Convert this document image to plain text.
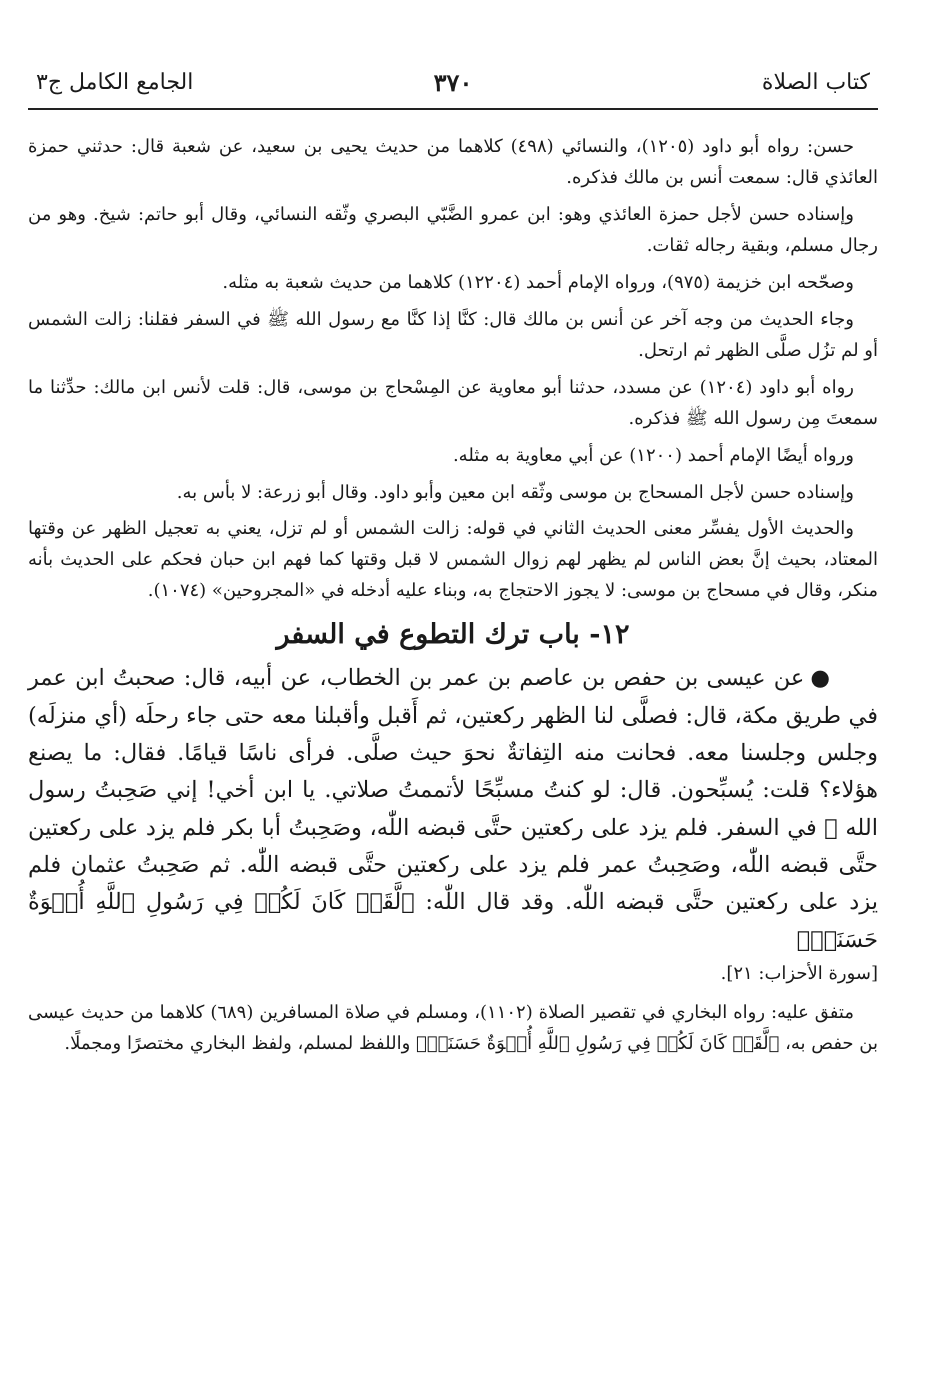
كتاب الصلاة
٣٧٠
الجامع الكامل ج٣

حسن: رواه أبو داود (١٢٠٥)، والنسائي (٤٩٨) كلاهما من حديث يحيى بن سعيد، عن شعبة قال: حدثني حمزة العائذي قال: سمعت أنس بن مالك فذكره.

وإسناده حسن لأجل حمزة العائذي وهو: ابن عمرو الضَّبّي البصري وثّقه النسائي، وقال أبو حاتم: شيخ. وهو من رجال مسلم، وبقية رجاله ثقات.

وصحّحه ابن خزيمة (٩٧٥)، ورواه الإمام أحمد (١٢٢٠٤) كلاهما من حديث شعبة به مثله.

وجاء الحديث من وجه آخر عن أنس بن مالك قال: كنَّا إذا كنَّا مع رسول الله ﷺ في السفر فقلنا: زالت الشمس أو لم تزُل صلَّى الظهر ثم ارتحل.

رواه أبو داود (١٢٠٤) عن مسدد، حدثنا أبو معاوية عن المِسْحاج بن موسى، قال: قلت لأنس ابن مالك: حدِّثنا ما سمعتَ مِن رسول الله ﷺ فذكره.

ورواه أيضًا الإمام أحمد (١٢٠٠) عن أبي معاوية به مثله.

وإسناده حسن لأجل المسحاج بن موسى وثّقه ابن معين وأبو داود. وقال أبو زرعة: لا بأس به.

والحديث الأول يفسِّر معنى الحديث الثاني في قوله: زالت الشمس أو لم تزل، يعني به تعجيل الظهر عن وقتها المعتاد، بحيث إنَّ بعض الناس لم يظهر لهم زوال الشمس لا قبل وقتها كما فهم ابن حبان فحكم على الحديث بأنه منكر، وقال في مسحاج بن موسى: لا يجوز الاحتجاج به، وبناء عليه أدخله في «المجروحين» (١٠٧٤).

١٢- باب ترك التطوع في السفر

●عن عيسى بن حفص بن عاصم بن عمر بن الخطاب، عن أبيه، قال: صحبتُ ابن عمر في طريق مكة، قال: فصلَّى لنا الظهر ركعتين، ثم أَقبل وأقبلنا معه حتى جاء رحلَه (أي منزلَه) وجلس وجلسنا معه. فحانت منه التِفاتةٌ نحوَ حيث صلَّى. فرأى ناسًا قيامًا. فقال: ما يصنع هؤلاء؟ قلت: يُسبِّحون. قال: لو كنتُ مسبِّحًا لأتممتُ صلاتي. يا ابن أخي! إني صَحِبتُ رسول الله ﷺ في السفر. فلم يزد على ركعتين حتَّى قبضه اللّٰه، وصَحِبتُ أبا بكر فلم يزد على ركعتين حتَّى قبضه اللّٰه، وصَحِبتُ عمر فلم يزد على ركعتين حتَّى قبضه اللّٰه. ثم صَحِبتُ عثمان فلم يزد على ركعتين حتَّى قبضه اللّٰه. وقد قال اللّٰه: ﴿لَّقَدۡ كَانَ لَكُمۡ فِي رَسُولِ ٱللَّهِ أُسۡوَةٌ حَسَنَةٞ﴾

[سورة الأحزاب: ٢١].

متفق عليه: رواه البخاري في تقصير الصلاة (١١٠٢)، ومسلم في صلاة المسافرين (٦٨٩) كلاهما من حديث عيسى بن حفص به، ﴿لَّقَدۡ كَانَ لَكُمۡ فِي رَسُولِ ٱللَّهِ أُسۡوَةٌ حَسَنَةٞ﴾ واللفظ لمسلم، ولفظ البخاري مختصرًا ومجملًا.
